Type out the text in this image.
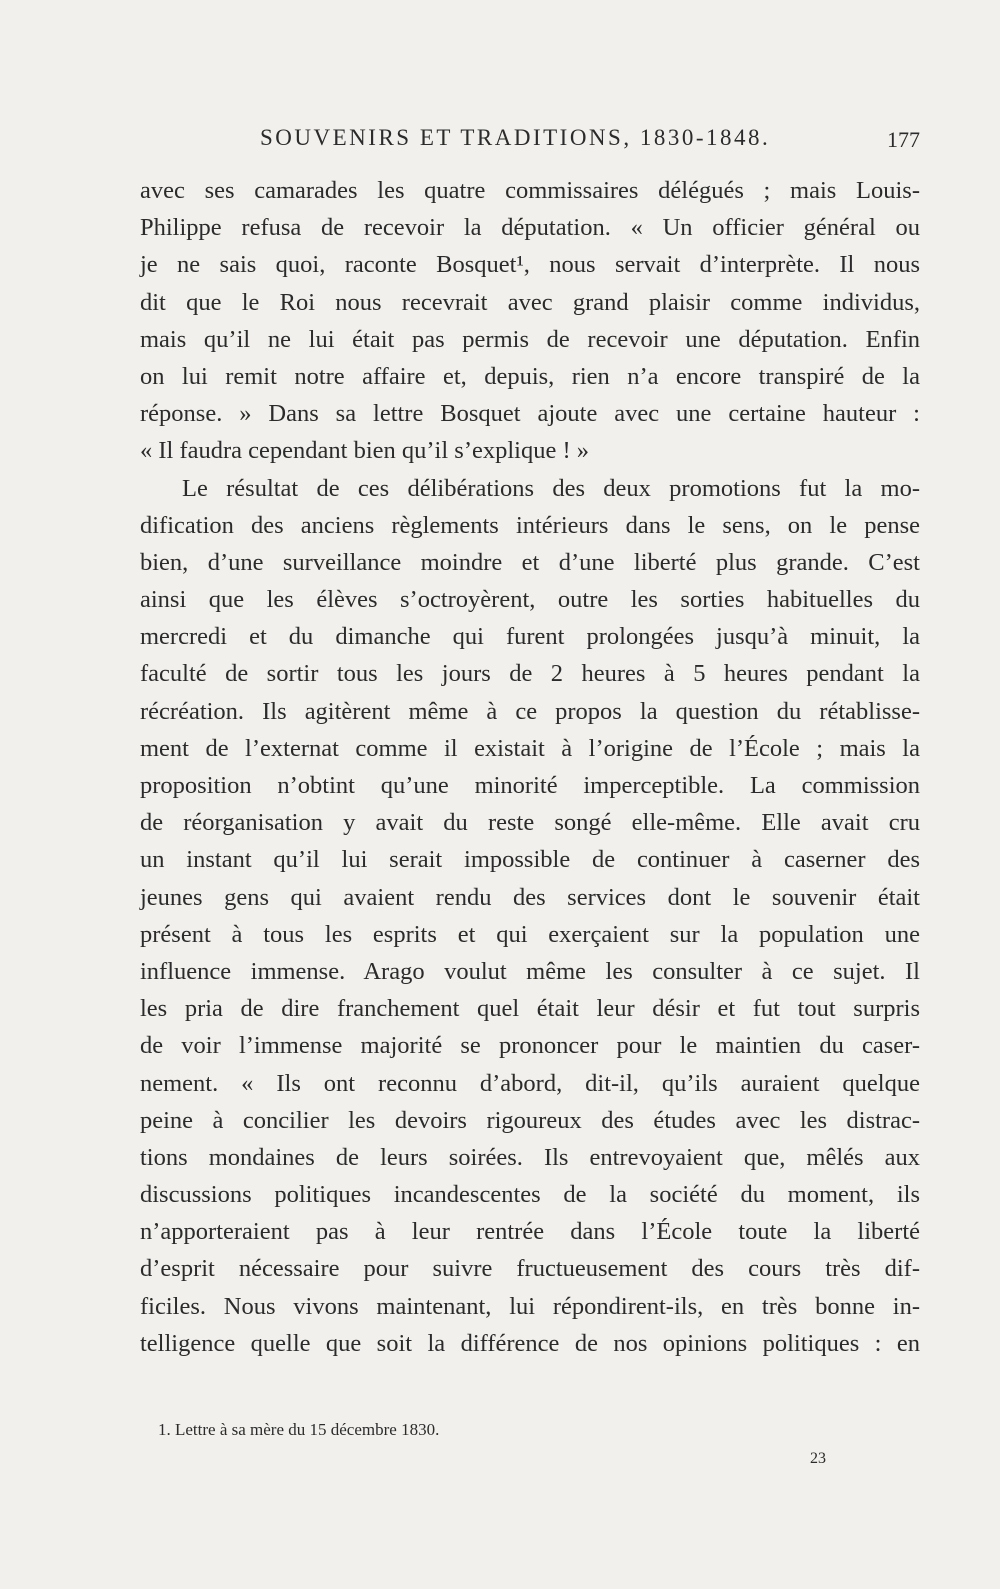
SOUVENIRS ET TRADITIONS, 1830-1848.	177
avec ses camarades les quatre commissaires délégués ; mais Louis-
Philippe refusa de recevoir la députation. « Un officier général ou
je ne sais quoi, raconte Bosquet¹, nous servait d’interprète. Il nous
dit que le Roi nous recevrait avec grand plaisir comme individus,
mais qu’il ne lui était pas permis de recevoir une députation. Enfin
on lui remit notre affaire et, depuis, rien n’a encore transpiré de la
réponse. » Dans sa lettre Bosquet ajoute avec une certaine hauteur :
« Il faudra cependant bien qu’il s’explique ! »
Le résultat de ces délibérations des deux promotions fut la mo-
dification des anciens règlements intérieurs dans le sens, on le pense
bien, d’une surveillance moindre et d’une liberté plus grande. C’est
ainsi que les élèves s’octroyèrent, outre les sorties habituelles du
mercredi et du dimanche qui furent prolongées jusqu’à minuit, la
faculté de sortir tous les jours de 2 heures à 5 heures pendant la
récréation. Ils agitèrent même à ce propos la question du rétablisse-
ment de l’externat comme il existait à l’origine de l’École ; mais la
proposition n’obtint qu’une minorité imperceptible. La commission
de réorganisation y avait du reste songé elle-même. Elle avait cru
un instant qu’il lui serait impossible de continuer à caserner des
jeunes gens qui avaient rendu des services dont le souvenir était
présent à tous les esprits et qui exerçaient sur la population une
influence immense. Arago voulut même les consulter à ce sujet. Il
les pria de dire franchement quel était leur désir et fut tout surpris
de voir l’immense majorité se prononcer pour le maintien du caser-
nement. « Ils ont reconnu d’abord, dit-il, qu’ils auraient quelque
peine à concilier les devoirs rigoureux des études avec les distrac-
tions mondaines de leurs soirées. Ils entrevoyaient que, mêlés aux
discussions politiques incandescentes de la société du moment, ils
n’apporteraient pas à leur rentrée dans l’École toute la liberté
d’esprit nécessaire pour suivre fructueusement des cours très dif-
ficiles. Nous vivons maintenant, lui répondirent-ils, en très bonne in-
telligence quelle que soit la différence de nos opinions politiques : en
1. Lettre à sa mère du 15 décembre 1830.
23
